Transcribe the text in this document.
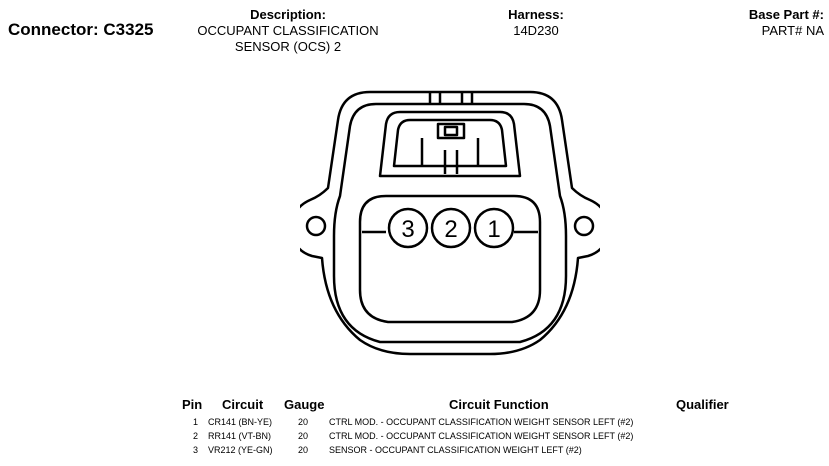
Connector: C3325
Description:
OCCUPANT CLASSIFICATION
SENSOR (OCS) 2
Harness:
14D230
Base Part #:
PART# NA
3 2 1
Pin Circuit Gauge	Circuit Function	Qualifier
1 CR141 (BN-YE)	20 CTRL MOD. - OCCUPANT CLASSIFICATION WEIGHT SENSOR LEFT (#2)
2 RR141 (VT-BN)	20 CTRL MOD. - OCCUPANT CLASSIFICATION WEIGHT SENSOR LEFT (#2)
3 VR212 (YE-GN)	20 SENSOR - OCCUPANT CLASSIFICATION WEIGHT LEFT (#2)
